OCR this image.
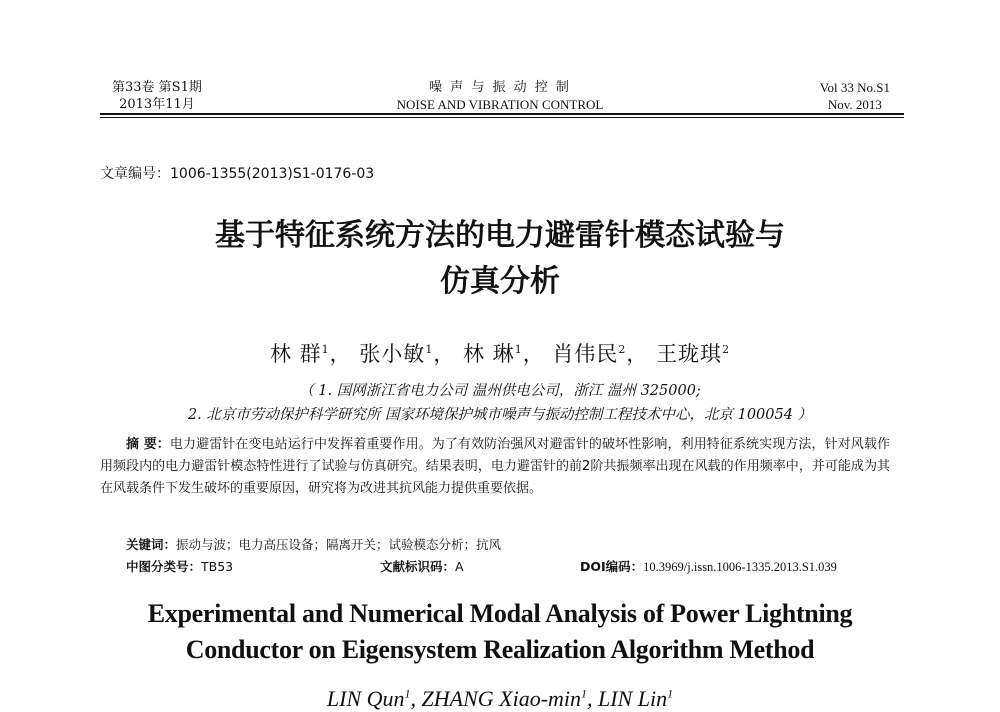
第33卷 第S1期
2013年11月
噪 声 与 振 动 控 制
NOISE AND VIBRATION CONTROL
Vol 33 No.S1
Nov. 2013
文章编号：1006-1355(2013)S1-0176-03
基于特征系统方法的电力避雷针模态试验与
仿真分析
林 群$^1$， 张小敏$^1$， 林 琳$^1$， 肖伟民$^2$， 王珑琪$^2$
（ 1. 国网浙江省电力公司 温州供电公司，浙江 温州 325000;
2. 北京市劳动保护科学研究所 国家环境保护城市噪声与振动控制工程技术中心，北京 100054 ）
摘 要：电力避雷针在变电站运行中发挥着重要作用。为了有效防治强风对避雷针的破坏性影响，利用特征系统实现方法，针对风载作用频段内的电力避雷针模态特性进行了试验与仿真研究。结果表明，电力避雷针的前2阶共振频率出现在风载的作用频率中，并可能成为其在风载条件下发生破坏的重要原因，研究将为改进其抗风能力提供重要依据。
关键词：振动与波；电力高压设备；隔离开关；试验模态分析；抗风
中图分类号：TB53	文献标识码：A	DOI编码：10.3969/j.issn.1006-1335.2013.S1.039
Experimental and Numerical Modal Analysis of Power Lightning
Conductor on Eigensystem Realization Algorithm Method
LIN Qun$^1$, ZHANG Xiao-$\min^1$, LIN Lin$^1$
